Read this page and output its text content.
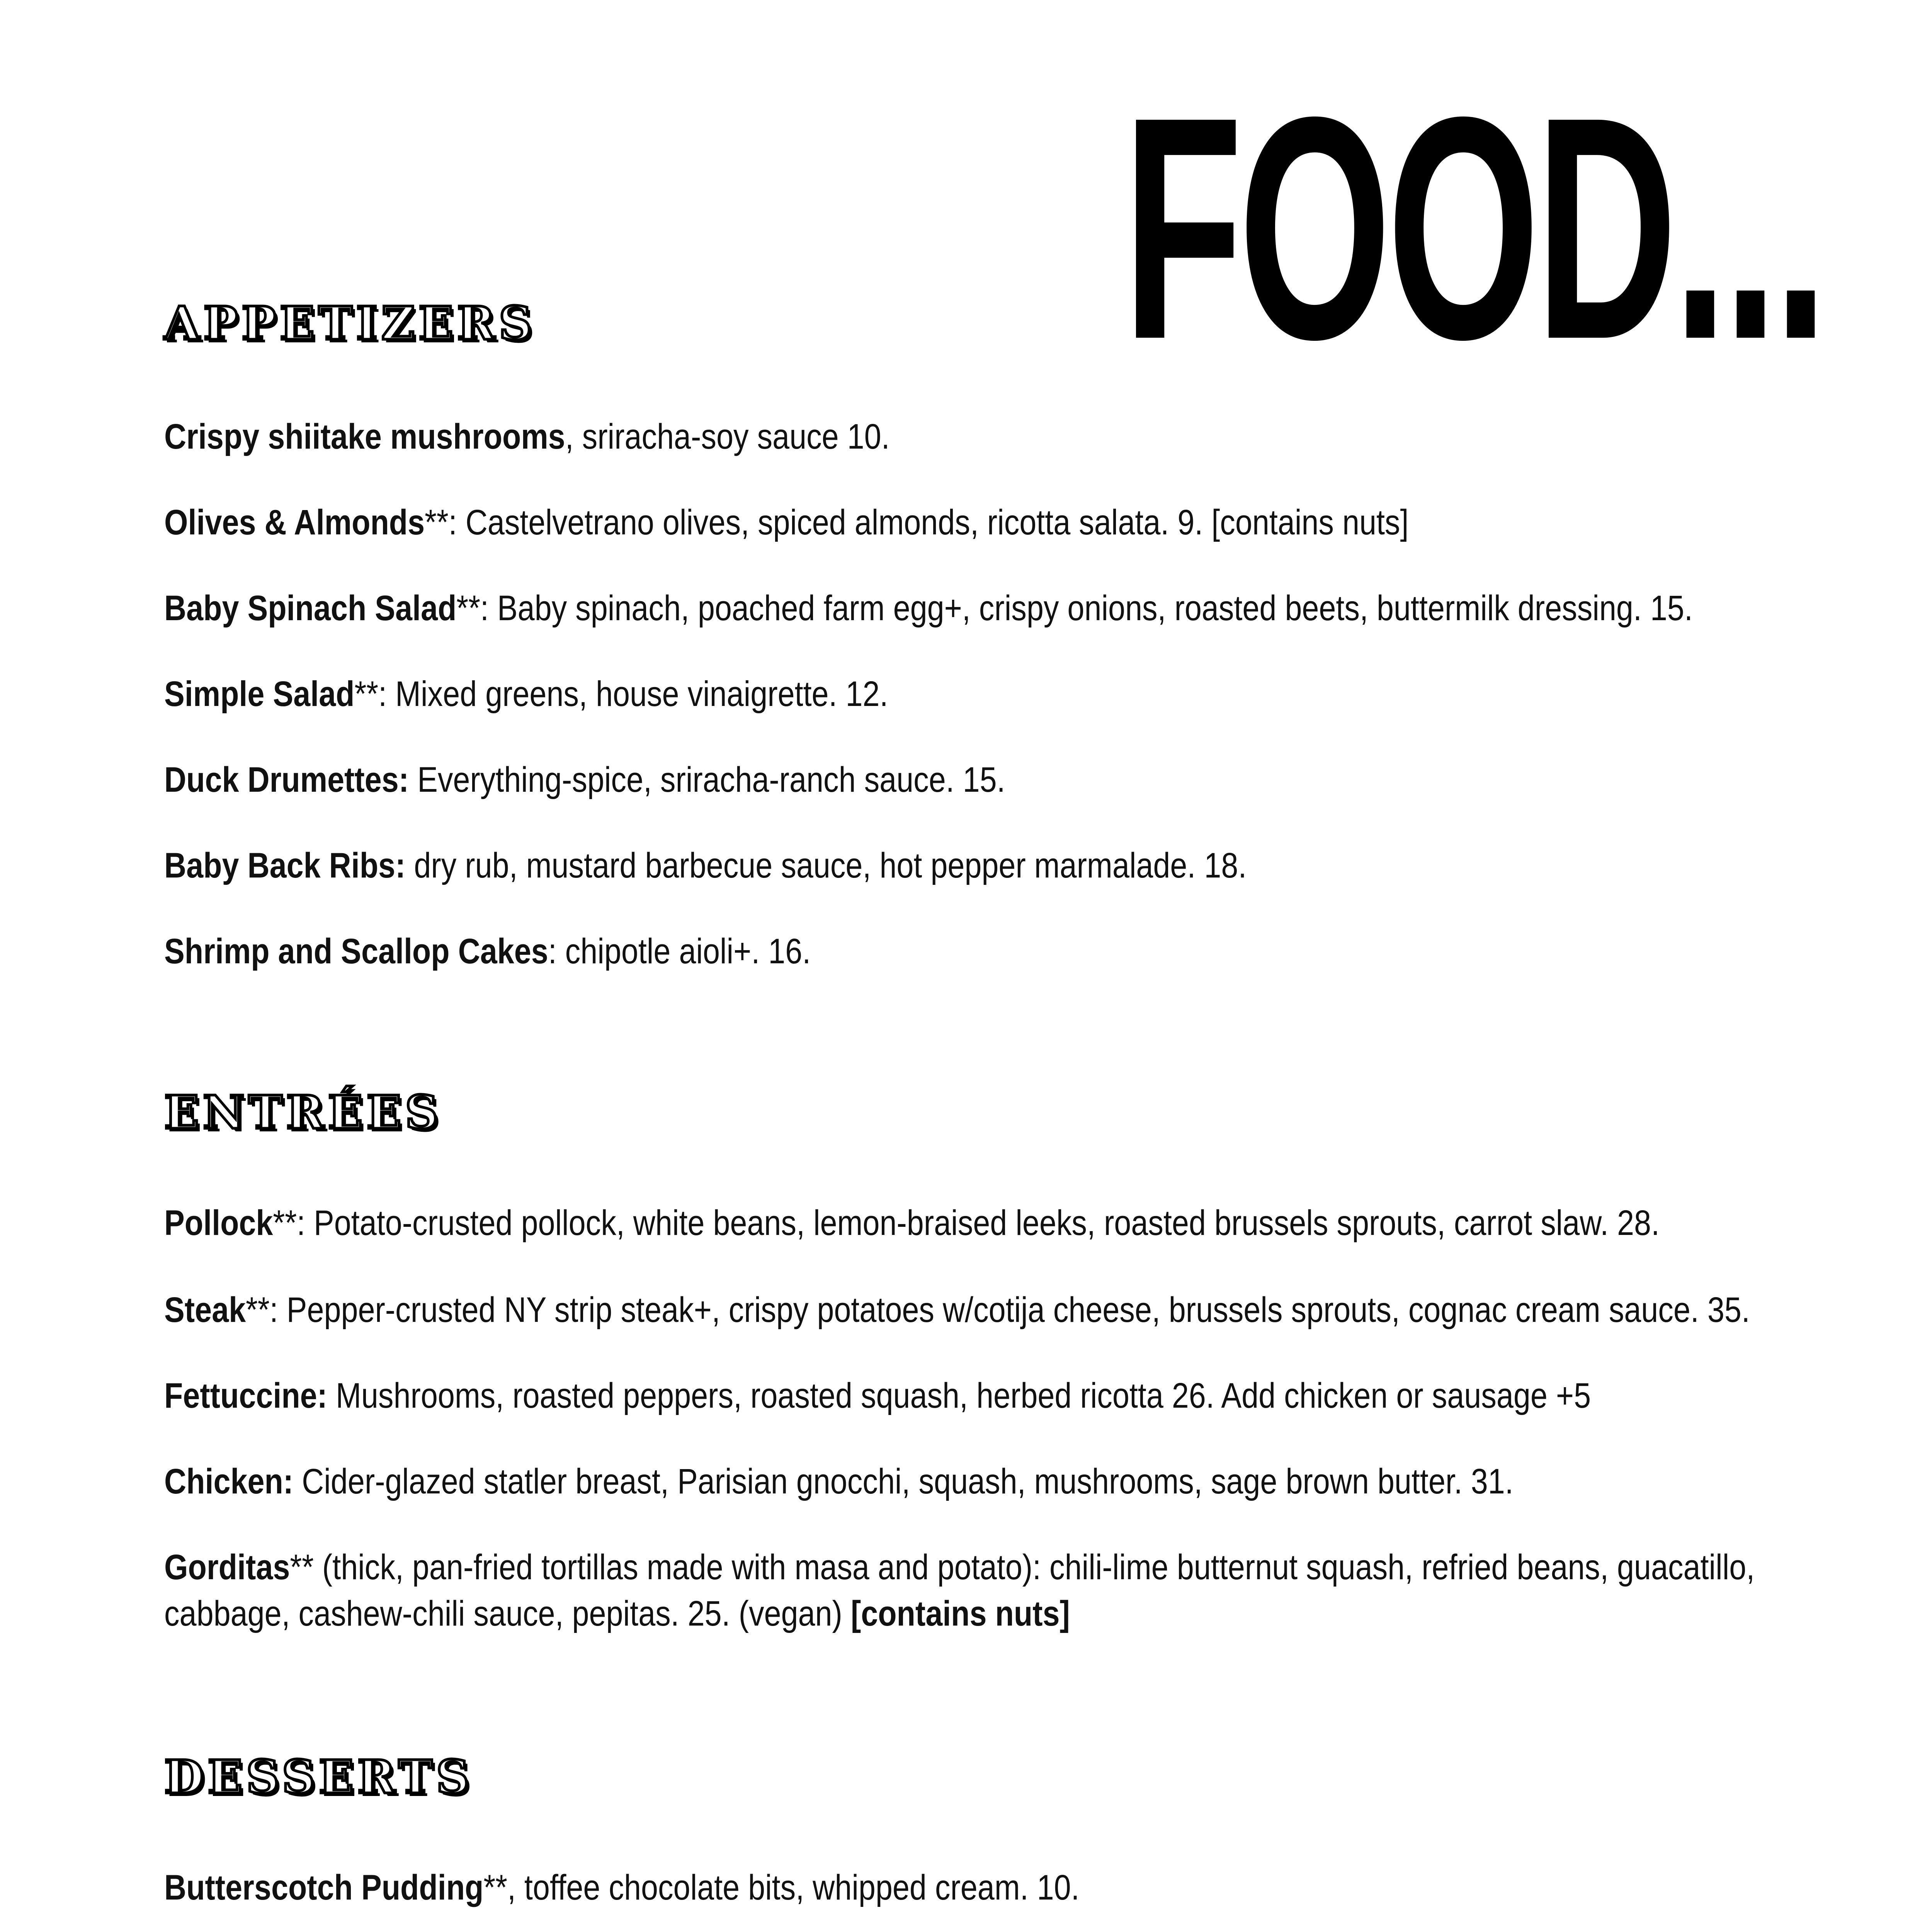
FOOD...
APPETIZERS
Crispy shiitake mushrooms, sriracha-soy sauce 10.
Olives & Almonds**: Castelvetrano olives, spiced almonds, ricotta salata. 9. [contains nuts]
Baby Spinach Salad**: Baby spinach, poached farm egg+, crispy onions, roasted beets, buttermilk dressing. 15.
Simple Salad**: Mixed greens, house vinaigrette. 12.
Duck Drumettes: Everything-spice, sriracha-ranch sauce. 15.
Baby Back Ribs: dry rub, mustard barbecue sauce, hot pepper marmalade. 18.
Shrimp and Scallop Cakes: chipotle aioli+. 16.
ENTRÉES
Pollock**: Potato-crusted pollock, white beans, lemon-braised leeks, roasted brussels sprouts, carrot slaw. 28.
Steak**: Pepper-crusted NY strip steak+, crispy potatoes w/cotija cheese, brussels sprouts, cognac cream sauce. 35.
Fettuccine: Mushrooms, roasted peppers, roasted squash, herbed ricotta 26. Add chicken or sausage +5
Chicken: Cider-glazed statler breast, Parisian gnocchi, squash, mushrooms, sage brown butter. 31.
Gorditas** (thick, pan-fried tortillas made with masa and potato): chili-lime butternut squash, refried beans, guacatillo, cabbage, cashew-chili sauce, pepitas. 25. (vegan) [contains nuts]
DESSERTS
Butterscotch Pudding**, toffee chocolate bits, whipped cream. 10.
